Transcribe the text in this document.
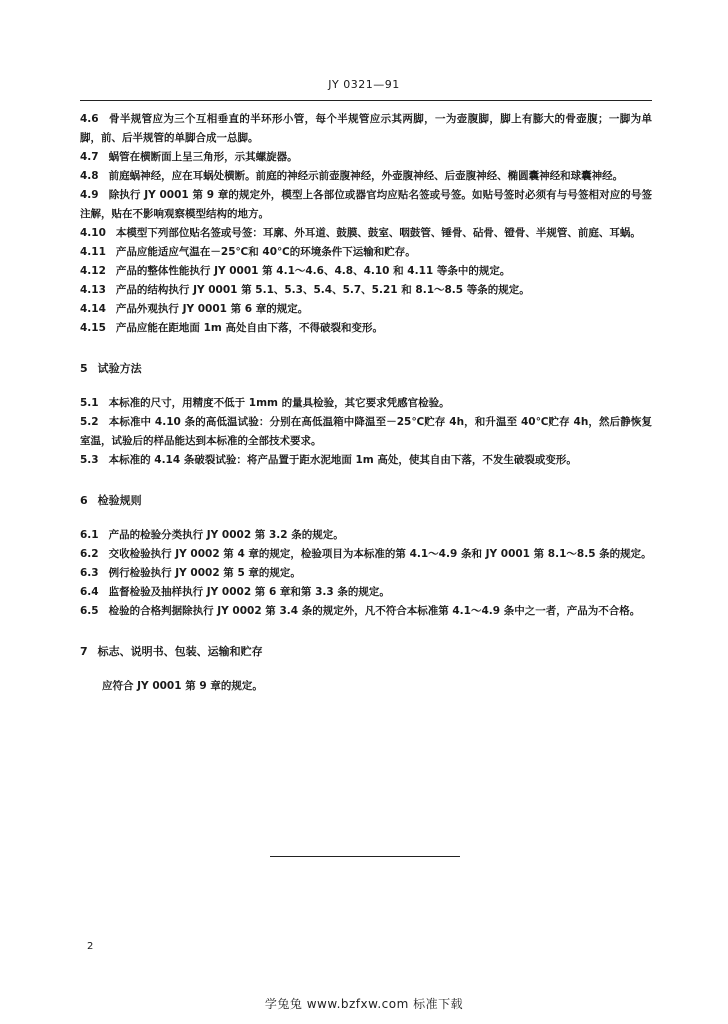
JY 0321—91

4.6 骨半规管应为三个互相垂直的半环形小管，每个半规管应示其两脚，一为壶腹脚，脚上有膨大的骨壶腹；一脚为单脚，前、后半规管的单脚合成一总脚。

4.7 蜗管在横断面上呈三角形，示其螺旋器。

4.8 前庭蜗神经，应在耳蜗处横断。前庭的神经示前壶腹神经，外壶腹神经、后壶腹神经、椭圆囊神经和球囊神经。

4.9 除执行 JY 0001 第 9 章的规定外，模型上各部位或器官均应贴名签或号签。如贴号签时必须有与号签相对应的号签注解，贴在不影响观察模型结构的地方。

4.10 本模型下列部位贴名签或号签：耳廓、外耳道、鼓膜、鼓室、咽鼓管、锤骨、砧骨、镫骨、半规管、前庭、耳蜗。

4.11 产品应能适应气温在－25℃和 40℃的环境条件下运输和贮存。

4.12 产品的整体性能执行 JY 0001 第 4.1～4.6、4.8、4.10 和 4.11 等条中的规定。

4.13 产品的结构执行 JY 0001 第 5.1、5.3、5.4、5.7、5.21 和 8.1～8.5 等条的规定。

4.14 产品外观执行 JY 0001 第 6 章的规定。

4.15 产品应能在距地面 1m 高处自由下落，不得破裂和变形。

5 试验方法

5.1 本标准的尺寸，用精度不低于 1mm 的量具检验，其它要求凭感官检验。

5.2 本标准中 4.10 条的高低温试验：分别在高低温箱中降温至－25℃贮存 4h，和升温至 40℃贮存 4h，然后静恢复室温，试验后的样品能达到本标准的全部技术要求。

5.3 本标准的 4.14 条破裂试验：将产品置于距水泥地面 1m 高处，使其自由下落，不发生破裂或变形。

6 检验规则

6.1 产品的检验分类执行 JY 0002 第 3.2 条的规定。

6.2 交收检验执行 JY 0002 第 4 章的规定，检验项目为本标准的第 4.1～4.9 条和 JY 0001 第 8.1～8.5 条的规定。

6.3 例行检验执行 JY 0002 第 5 章的规定。

6.4 监督检验及抽样执行 JY 0002 第 6 章和第 3.3 条的规定。

6.5 检验的合格判据除执行 JY 0002 第 3.4 条的规定外，凡不符合本标准第 4.1～4.9 条中之一者，产品为不合格。

7 标志、说明书、包装、运输和贮存

应符合 JY 0001 第 9 章的规定。

2
学兔兔 www.bzfxw.com 标准下载
